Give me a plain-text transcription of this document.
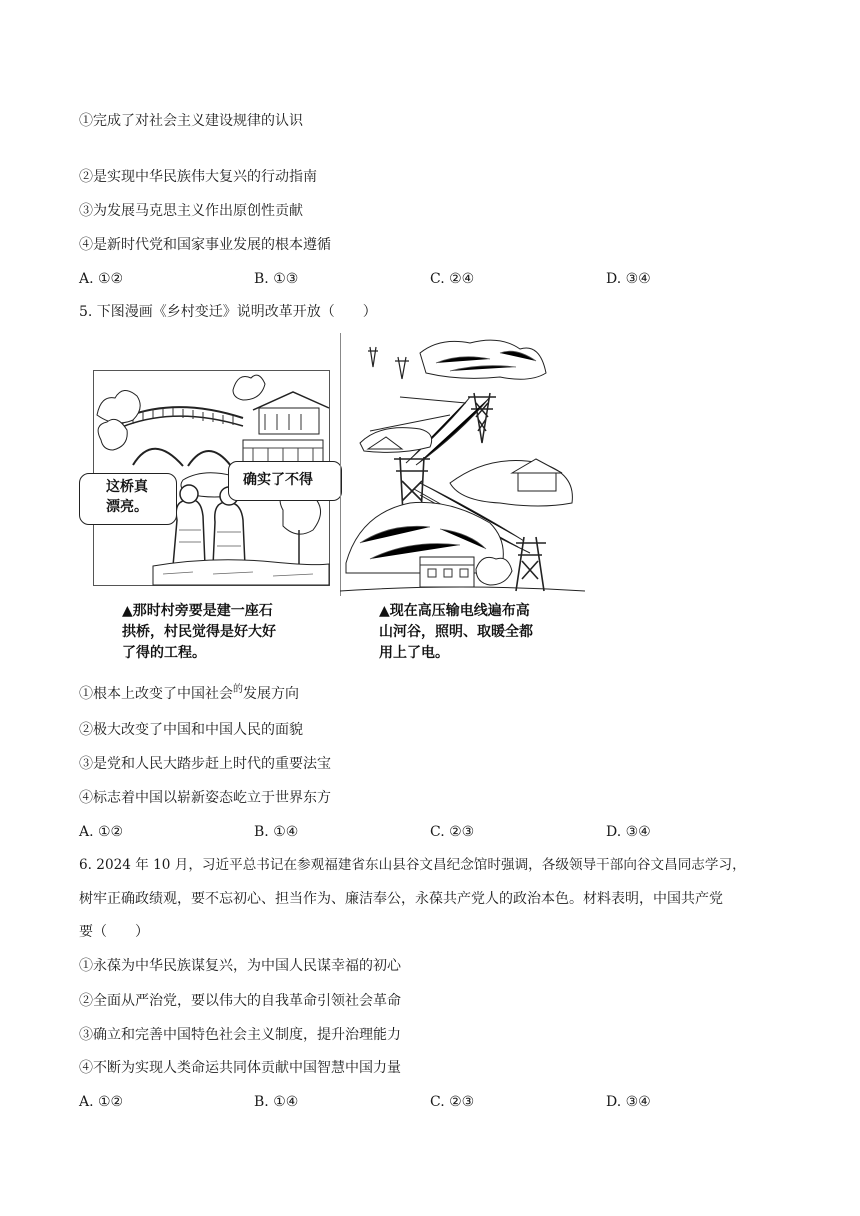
①完成了对社会主义建设规律的认识
②是实现中华民族伟大复兴的行动指南
③为发展马克思主义作出原创性贡献
④是新时代党和国家事业发展的根本遵循
A. ①②	B. ①③	C. ②④	D. ③④
5. 下图漫画《乡村变迁》说明改革开放（　　）
这桥真
漂亮。
确实了不得
▲那时村旁要是建一座石
拱桥，村民觉得是好大好
了得的工程。
▲现在高压输电线遍布高
山河谷，照明、取暖全都
用上了电。
①根本上改变了中国社会$^的$发展方向
②极大改变了中国和中国人民的面貌
③是党和人民大踏步赶上时代的重要法宝
④标志着中国以崭新姿态屹立于世界东方
A. ①②	B. ①④	C. ②③	D. ③④
6. 2024 年 10 月，习近平总书记在参观福建省东山县谷文昌纪念馆时强调，各级领导干部向谷文昌同志学习，
树牢正确政绩观，要不忘初心、担当作为、廉洁奉公，永葆共产党人的政治本色。材料表明，中国共产党
要（　　）
①永葆为中华民族谋复兴，为中国人民谋幸福的初心
②全面从严治党，要以伟大的自我革命引领社会革命
③确立和完善中国特色社会主义制度，提升治理能力
④不断为实现人类命运共同体贡献中国智慧中国力量
A. ①②	B. ①④	C. ②③	D. ③④
